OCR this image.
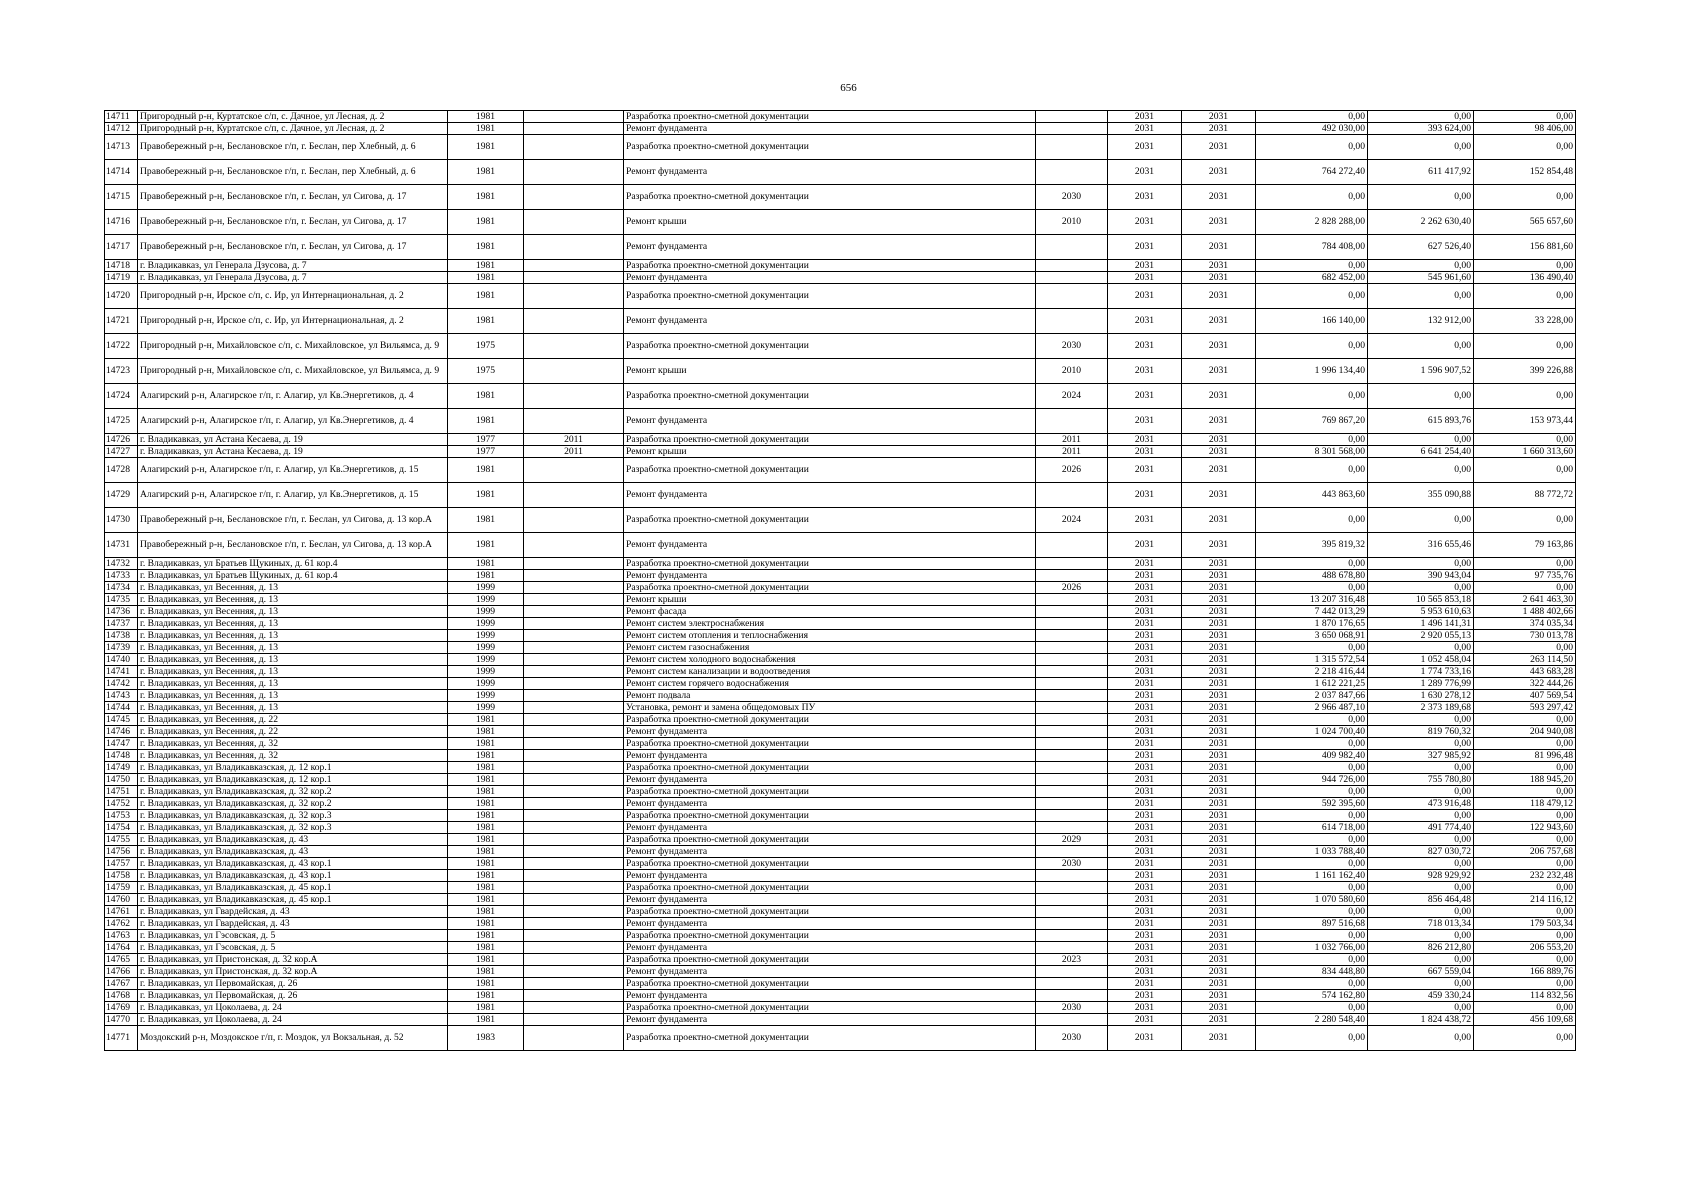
656
14711	Пригородный р-н, Куртатское с/п, с. Дачное, ул Лесная, д. 2	1981		Разработка проектно-сметной документации		2031	2031	0,00	0,00	0,00
14712	Пригородный р-н, Куртатское с/п, с. Дачное, ул Лесная, д. 2	1981		Ремонт фундамента		2031	2031	492 030,00	393 624,00	98 406,00
14713	Правобережный р-н, Беслановское г/п, г. Беслан, пер Хлебный, д. 6	1981		Разработка проектно-сметной документации		2031	2031	0,00	0,00	0,00
14714	Правобережный р-н, Беслановское г/п, г. Беслан, пер Хлебный, д. 6	1981		Ремонт фундамента		2031	2031	764 272,40	611 417,92	152 854,48
14715	Правобережный р-н, Беслановское г/п, г. Беслан, ул Сигова, д. 17	1981		Разработка проектно-сметной документации	2030	2031	2031	0,00	0,00	0,00
14716	Правобережный р-н, Беслановское г/п, г. Беслан, ул Сигова, д. 17	1981		Ремонт крыши	2010	2031	2031	2 828 288,00	2 262 630,40	565 657,60
14717	Правобережный р-н, Беслановское г/п, г. Беслан, ул Сигова, д. 17	1981		Ремонт фундамента		2031	2031	784 408,00	627 526,40	156 881,60
14718	г. Владикавказ, ул Генерала Дзусова, д. 7	1981		Разработка проектно-сметной документации		2031	2031	0,00	0,00	0,00
14719	г. Владикавказ, ул Генерала Дзусова, д. 7	1981		Ремонт фундамента		2031	2031	682 452,00	545 961,60	136 490,40
14720	Пригородный р-н, Ирское с/п, с. Ир, ул Интернациональная, д. 2	1981		Разработка проектно-сметной документации		2031	2031	0,00	0,00	0,00
14721	Пригородный р-н, Ирское с/п, с. Ир, ул Интернациональная, д. 2	1981		Ремонт фундамента		2031	2031	166 140,00	132 912,00	33 228,00
14722	Пригородный р-н, Михайловское с/п, с. Михайловское, ул Вильямса, д. 9	1975		Разработка проектно-сметной документации	2030	2031	2031	0,00	0,00	0,00
14723	Пригородный р-н, Михайловское с/п, с. Михайловское, ул Вильямса, д. 9	1975		Ремонт крыши	2010	2031	2031	1 996 134,40	1 596 907,52	399 226,88
14724	Алагирский р-н, Алагирское г/п, г. Алагир, ул Кв.Энергетиков, д. 4	1981		Разработка проектно-сметной документации	2024	2031	2031	0,00	0,00	0,00
14725	Алагирский р-н, Алагирское г/п, г. Алагир, ул Кв.Энергетиков, д. 4	1981		Ремонт фундамента		2031	2031	769 867,20	615 893,76	153 973,44
14726	г. Владикавказ, ул Астана Кесаева, д. 19	1977	2011	Разработка проектно-сметной документации	2011	2031	2031	0,00	0,00	0,00
14727	г. Владикавказ, ул Астана Кесаева, д. 19	1977	2011	Ремонт крыши	2011	2031	2031	8 301 568,00	6 641 254,40	1 660 313,60
14728	Алагирский р-н, Алагирское г/п, г. Алагир, ул Кв.Энергетиков, д. 15	1981		Разработка проектно-сметной документации	2026	2031	2031	0,00	0,00	0,00
14729	Алагирский р-н, Алагирское г/п, г. Алагир, ул Кв.Энергетиков, д. 15	1981		Ремонт фундамента		2031	2031	443 863,60	355 090,88	88 772,72
14730	Правобережный р-н, Беслановское г/п, г. Беслан, ул Сигова, д. 13 кор.А	1981		Разработка проектно-сметной документации	2024	2031	2031	0,00	0,00	0,00
14731	Правобережный р-н, Беслановское г/п, г. Беслан, ул Сигова, д. 13 кор.А	1981		Ремонт фундамента		2031	2031	395 819,32	316 655,46	79 163,86
14732	г. Владикавказ, ул Братьев Щукиных, д. 61 кор.4	1981		Разработка проектно-сметной документации		2031	2031	0,00	0,00	0,00
14733	г. Владикавказ, ул Братьев Щукиных, д. 61 кор.4	1981		Ремонт фундамента		2031	2031	488 678,80	390 943,04	97 735,76
14734	г. Владикавказ, ул Весенняя, д. 13	1999		Разработка проектно-сметной документации	2026	2031	2031	0,00	0,00	0,00
14735	г. Владикавказ, ул Весенняя, д. 13	1999		Ремонт крыши		2031	2031	13 207 316,48	10 565 853,18	2 641 463,30
14736	г. Владикавказ, ул Весенняя, д. 13	1999		Ремонт фасада		2031	2031	7 442 013,29	5 953 610,63	1 488 402,66
14737	г. Владикавказ, ул Весенняя, д. 13	1999		Ремонт систем электроснабжения		2031	2031	1 870 176,65	1 496 141,31	374 035,34
14738	г. Владикавказ, ул Весенняя, д. 13	1999		Ремонт систем отопления и теплоснабжения		2031	2031	3 650 068,91	2 920 055,13	730 013,78
14739	г. Владикавказ, ул Весенняя, д. 13	1999		Ремонт систем газоснабжения		2031	2031	0,00	0,00	0,00
14740	г. Владикавказ, ул Весенняя, д. 13	1999		Ремонт систем холодного водоснабжения		2031	2031	1 315 572,54	1 052 458,04	263 114,50
14741	г. Владикавказ, ул Весенняя, д. 13	1999		Ремонт систем канализации и водоотведения		2031	2031	2 218 416,44	1 774 733,16	443 683,28
14742	г. Владикавказ, ул Весенняя, д. 13	1999		Ремонт систем горячего водоснабжения		2031	2031	1 612 221,25	1 289 776,99	322 444,26
14743	г. Владикавказ, ул Весенняя, д. 13	1999		Ремонт подвала		2031	2031	2 037 847,66	1 630 278,12	407 569,54
14744	г. Владикавказ, ул Весенняя, д. 13	1999		Установка, ремонт и замена общедомовых ПУ		2031	2031	2 966 487,10	2 373 189,68	593 297,42
14745	г. Владикавказ, ул Весенняя, д. 22	1981		Разработка проектно-сметной документации		2031	2031	0,00	0,00	0,00
14746	г. Владикавказ, ул Весенняя, д. 22	1981		Ремонт фундамента		2031	2031	1 024 700,40	819 760,32	204 940,08
14747	г. Владикавказ, ул Весенняя, д. 32	1981		Разработка проектно-сметной документации		2031	2031	0,00	0,00	0,00
14748	г. Владикавказ, ул Весенняя, д. 32	1981		Ремонт фундамента		2031	2031	409 982,40	327 985,92	81 996,48
14749	г. Владикавказ, ул Владикавказская, д. 12 кор.1	1981		Разработка проектно-сметной документации		2031	2031	0,00	0,00	0,00
14750	г. Владикавказ, ул Владикавказская, д. 12 кор.1	1981		Ремонт фундамента		2031	2031	944 726,00	755 780,80	188 945,20
14751	г. Владикавказ, ул Владикавказская, д. 32 кор.2	1981		Разработка проектно-сметной документации		2031	2031	0,00	0,00	0,00
14752	г. Владикавказ, ул Владикавказская, д. 32 кор.2	1981		Ремонт фундамента		2031	2031	592 395,60	473 916,48	118 479,12
14753	г. Владикавказ, ул Владикавказская, д. 32 кор.3	1981		Разработка проектно-сметной документации		2031	2031	0,00	0,00	0,00
14754	г. Владикавказ, ул Владикавказская, д. 32 кор.3	1981		Ремонт фундамента		2031	2031	614 718,00	491 774,40	122 943,60
14755	г. Владикавказ, ул Владикавказская, д. 43	1981		Разработка проектно-сметной документации	2029	2031	2031	0,00	0,00	0,00
14756	г. Владикавказ, ул Владикавказская, д. 43	1981		Ремонт фундамента		2031	2031	1 033 788,40	827 030,72	206 757,68
14757	г. Владикавказ, ул Владикавказская, д. 43 кор.1	1981		Разработка проектно-сметной документации	2030	2031	2031	0,00	0,00	0,00
14758	г. Владикавказ, ул Владикавказская, д. 43 кор.1	1981		Ремонт фундамента		2031	2031	1 161 162,40	928 929,92	232 232,48
14759	г. Владикавказ, ул Владикавказская, д. 45 кор.1	1981		Разработка проектно-сметной документации		2031	2031	0,00	0,00	0,00
14760	г. Владикавказ, ул Владикавказская, д. 45 кор.1	1981		Ремонт фундамента		2031	2031	1 070 580,60	856 464,48	214 116,12
14761	г. Владикавказ, ул Гвардейская, д. 43	1981		Разработка проектно-сметной документации		2031	2031	0,00	0,00	0,00
14762	г. Владикавказ, ул Гвардейская, д. 43	1981		Ремонт фундамента		2031	2031	897 516,68	718 013,34	179 503,34
14763	г. Владикавказ, ул Гэсовская, д. 5	1981		Разработка проектно-сметной документации		2031	2031	0,00	0,00	0,00
14764	г. Владикавказ, ул Гэсовская, д. 5	1981		Ремонт фундамента		2031	2031	1 032 766,00	826 212,80	206 553,20
14765	г. Владикавказ, ул Пристонская, д. 32 кор.А	1981		Разработка проектно-сметной документации	2023	2031	2031	0,00	0,00	0,00
14766	г. Владикавказ, ул Пристонская, д. 32 кор.А	1981		Ремонт фундамента		2031	2031	834 448,80	667 559,04	166 889,76
14767	г. Владикавказ, ул Первомайская, д. 26	1981		Разработка проектно-сметной документации		2031	2031	0,00	0,00	0,00
14768	г. Владикавказ, ул Первомайская, д. 26	1981		Ремонт фундамента		2031	2031	574 162,80	459 330,24	114 832,56
14769	г. Владикавказ, ул Цоколаева, д. 24	1981		Разработка проектно-сметной документации	2030	2031	2031	0,00	0,00	0,00
14770	г. Владикавказ, ул Цоколаева, д. 24	1981		Ремонт фундамента		2031	2031	2 280 548,40	1 824 438,72	456 109,68
14771	Моздокский р-н, Моздокское г/п, г. Моздок, ул Вокзальная, д. 52	1983		Разработка проектно-сметной документации	2030	2031	2031	0,00	0,00	0,00
